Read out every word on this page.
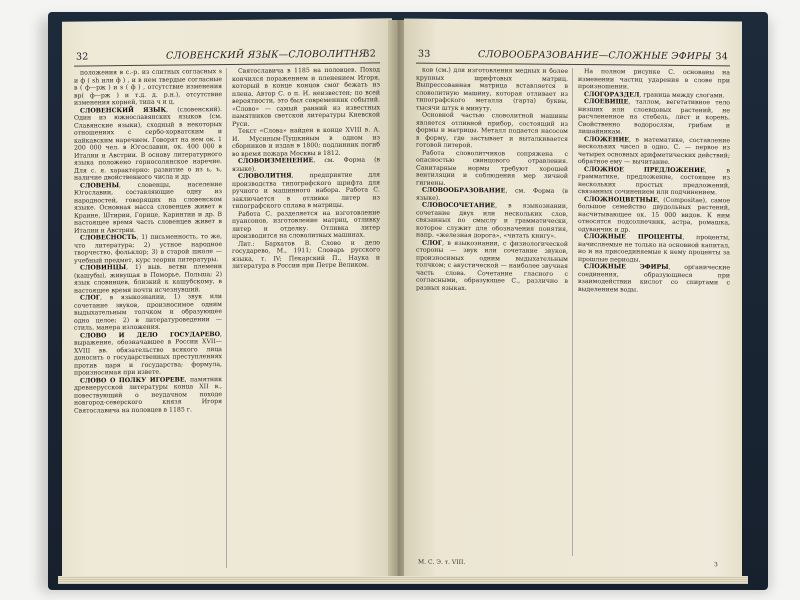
32	СЛОВЕНСКИЙ ЯЗЫК—СЛОВОЛИТНЯ
32

положения в с.-р. из слитных согласных s и ф ( sh или ф ) , и в нем твердые согласные в ( ф—рж ) и s ( ф ) , отсутствие изменения вр( ф—рж ) и т.д. д. р.н.), отсутствие изменения корней, типа ч и ц.

СЛОВЕНСКИЙ ЯЗЫК, (словенский). Один из южнославянских языков (см. Славянские языки), сходный в некоторых отношениях с сербо-хорватским и кайкавским наречием. Говорят на нем ок. 1 200 000 чел. в Югославии, ок. 400 000 в Италии и Австрии. В основу литературного языка положено горносолянское наречие. Для с. я. характерно: развитие о из ь, ъ, наличие двойственного числа и др.

СЛОВЕНЫ, словенцы, население Югославии, составляющие одну из народностей, говорящих на словенском языке. Основная масса словенцев живет в Краине, Штирии, Горице, Каринтии и др. В настоящее время часть словенцев живет в Италии и Австрии.

СЛОВЕСНОСТЬ, 1) письменность, то же, что литература; 2) устное народное творчество, фольклор; 3) в старой школе — учебный предмет, курс теории литературы.

СЛОВИНЦЫ, 1) выв. ветви племени (кашубы), живущая в Поморье, Польша; 2) язык словинцев, близкий к кашубскому, в настоящее время почти исчезнувший.

СЛОГ, в языкознании, 1) звук или сочетание звуков, произносимое одним выдыхательным толчком и образующее одно целое; 2) в литературоведении — стиль, манера изложения.

СЛОВО И ДЕЛО ГОСУДАРЕВО, выражение, обозначавшее в России XVII—XVIII вв. обязательство всякого лица доносить о государственных преступлениях против царя и государства; формула, произносимая при извете.

СЛОВО О ПОЛКУ ИГОРЕВЕ, памятник древнерусской литературы конца XII в., повествующий о неудачном походе новгород-северского князя Игоря Святославича на половцев в 1185 г.

Святославича в 1185 на половцев. Поход кончился поражением и пленением Игоря, который в конце концов смог бежать из плена. Автор С. о п. И. неизвестен; по всей вероятности, это был современник событий. «Слово» — самый ранний из известных памятников светской литературы Киевской Руси.

Текст «Слова» найден в конце XVIII в. А. И. Мусиным-Пушкиным в одном из сборников и издан в 1800; подлинник погиб во время пожара Москвы в 1812.

СЛОВОИЗМЕНЕНИЕ, см. Форма (в языке).

СЛОВОЛИТНЯ, предприятие для производства типографского шрифта для ручного и машинного набора. Работа С. заключается в отливке литер из типографского сплава в матрицы.

Работа С. разделяется на изготовление пуансонов, изготовление матриц, отливку литер и отделку. Отливка литер производится на словолитных машинах.

Лит.: Бархатов В. Слово и дело государево, М., 1911; Словарь русского языка, т. IV; Пекарский П., Наука и литература в России при Петре Великом.

33	СЛОВООБРАЗОВАНИЕ—СЛОЖНЫЕ ЭФИРЫ 34

ков (см.) для изготовления медных и более крупных шрифтовых матриц. Выпрессованная матрица вставляется в словолитную машину, которая отливает из типографского металла (гарта) буквы, тысячи штук в минуту.

Основной частью словолитной машины является отливной прибор, состоящий из формы и матрицы. Металл подается насосом в форму, где застывает и выталкивается готовой литерой.

Работа словолитчиков сопряжена с опасностью свинцового отравления. Санитарные нормы требуют хорошей вентиляции и соблюдения мер личной гигиены.

СЛОВООБРАЗОВАНИЕ, см. Форма (в языке).

СЛОВОСОЧЕТАНИЕ, в языкознании, сочетание двух или нескольких слов, связанных по смыслу и грамматически, которое служит для обозначения понятия, напр. «железная дорога», «читать книгу».

СЛОГ, в языкознании, с физиологической стороны — звук или сочетание звуков, произносимых одним выдыхательным толчком; с акустической — наиболее звучная часть слова. Сочетание гласного с согласными, образующее С., различно в разных языках.

На полном рисунке С. основаны на изменении частиц ударения в слове при произношении.

СЛОГОРАЗДЕЛ, граница между слогами.

СЛОЕВИЩЕ, таллом, вегетативное тело низших или слоевцовых растений, не расчлененное на стебель, лист и корень. Свойственно водорослям, грибам и лишайникам.

СЛОЖЕНИЕ, в математике, составление нескольких чисел в одно. С. — первое из четырех основных арифметических действий; обратное ему — вычитание.

СЛОЖНОЕ ПРЕДЛОЖЕНИЕ, в грамматике, предложение, состоящее из нескольких простых предложений, связанных сочинением или подчинением.

СЛОЖНОЦВЕТНЫЕ, (Compositae), самое большое семейство двудольных растений, насчитывающее ок. 15 000 видов. К ним относятся подсолнечник, астра, ромашка, одуванчик и др.

СЛОЖНЫЕ ПРОЦЕНТЫ, проценты, начисляемые не только на основной капитал, но и на присоединяемые к нему проценты за прошлые периоды.

СЛОЖНЫЕ ЭФИРЫ, органические соединения, образующиеся при взаимодействии кислот со спиртами с выделением воды.

М. С. Э. т. VIII.	3
